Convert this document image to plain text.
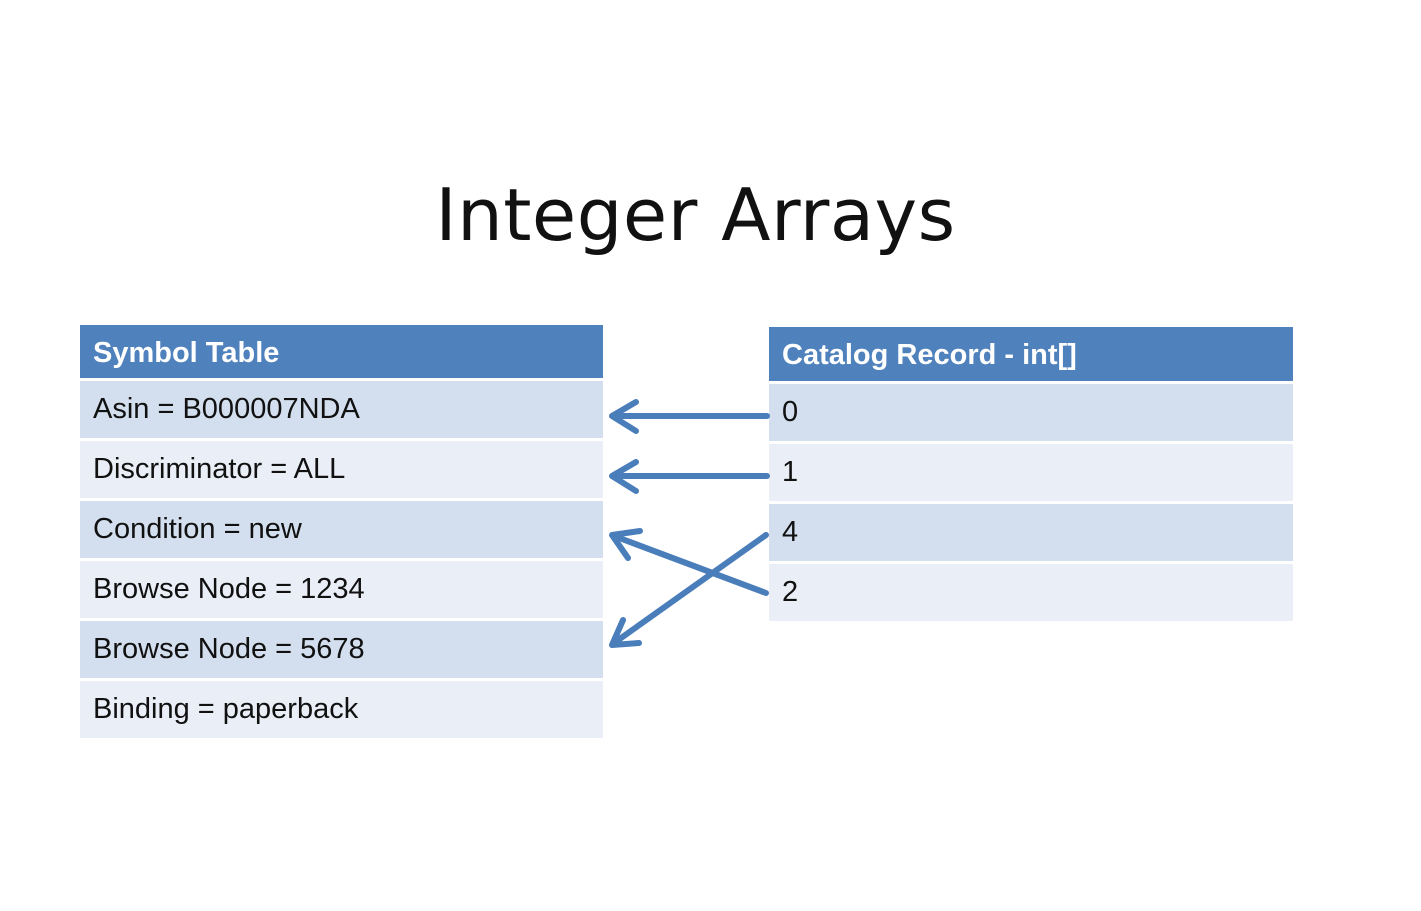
Integer Arrays
Symbol Table
Asin = B000007NDA
Discriminator = ALL
Condition = new
Browse Node = 1234
Browse Node = 5678
Binding = paperback
Catalog Record - int[]
0
1
4
2
